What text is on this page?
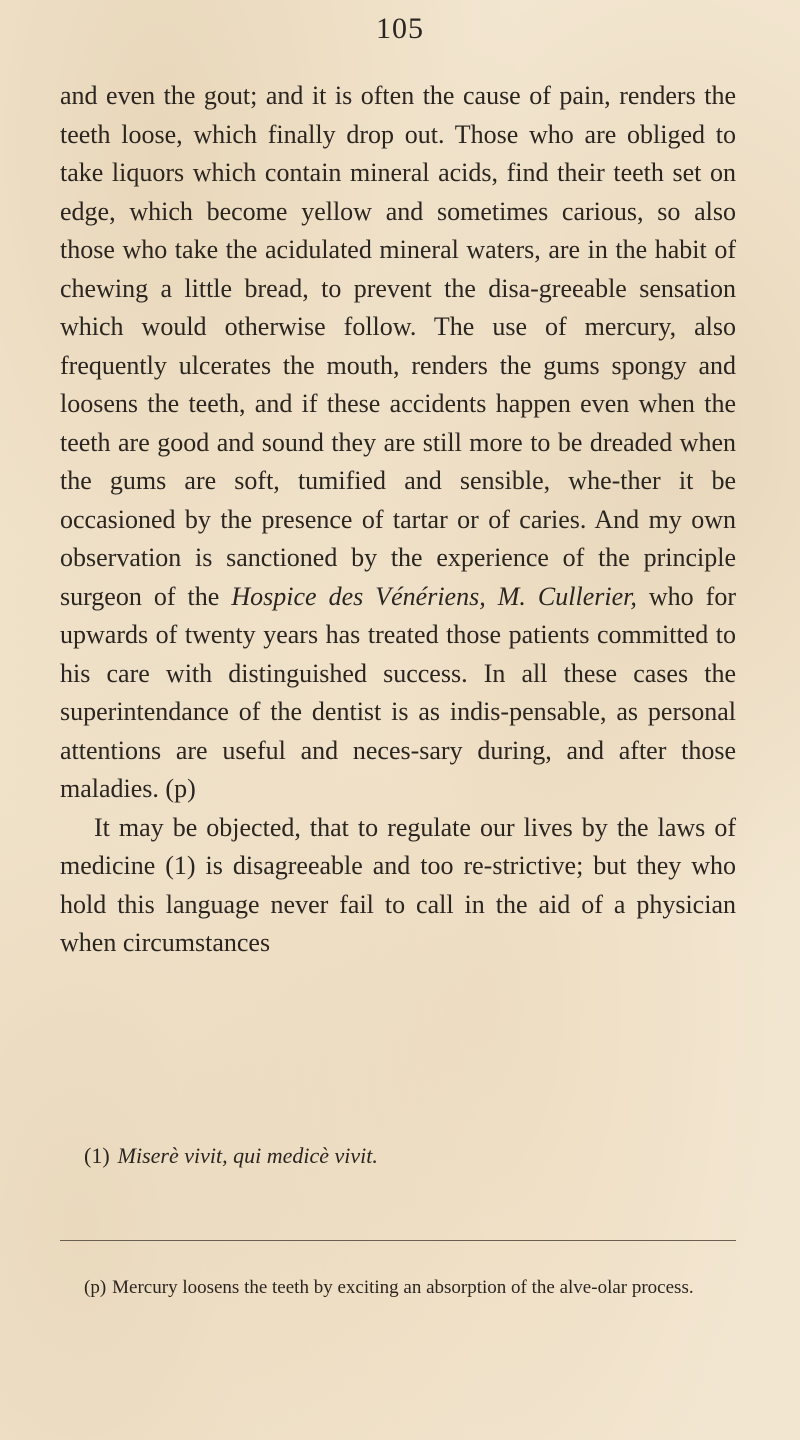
105

and even the gout; and it is often the cause of pain, renders the teeth loose, which finally drop out. Those who are obliged to take liquors which contain mineral acids, find their teeth set on edge, which become yellow and sometimes carious, so also those who take the acidulated mineral waters, are in the habit of chewing a little bread, to prevent the disa-greeable sensation which would otherwise follow. The use of mercury, also frequently ulcerates the mouth, renders the gums spongy and loosens the teeth, and if these accidents happen even when the teeth are good and sound they are still more to be dreaded when the gums are soft, tumified and sensible, whe-ther it be occasioned by the presence of tartar or of caries. And my own observation is sanctioned by the experience of the principle surgeon of the Hospice des Vénériens, M. Cullerier, who for upwards of twenty years has treated those patients committed to his care with distinguished success. In all these cases the superintendance of the dentist is as indis-pensable, as personal attentions are useful and neces-sary during, and after those maladies. (p)

It may be objected, that to regulate our lives by the laws of medicine (1) is disagreeable and too re-strictive; but they who hold this language never fail to call in the aid of a physician when circumstances

(1) Miserè vivit, qui medicè vivit.
(p) Mercury loosens the teeth by exciting an absorption of the alve-olar process.
